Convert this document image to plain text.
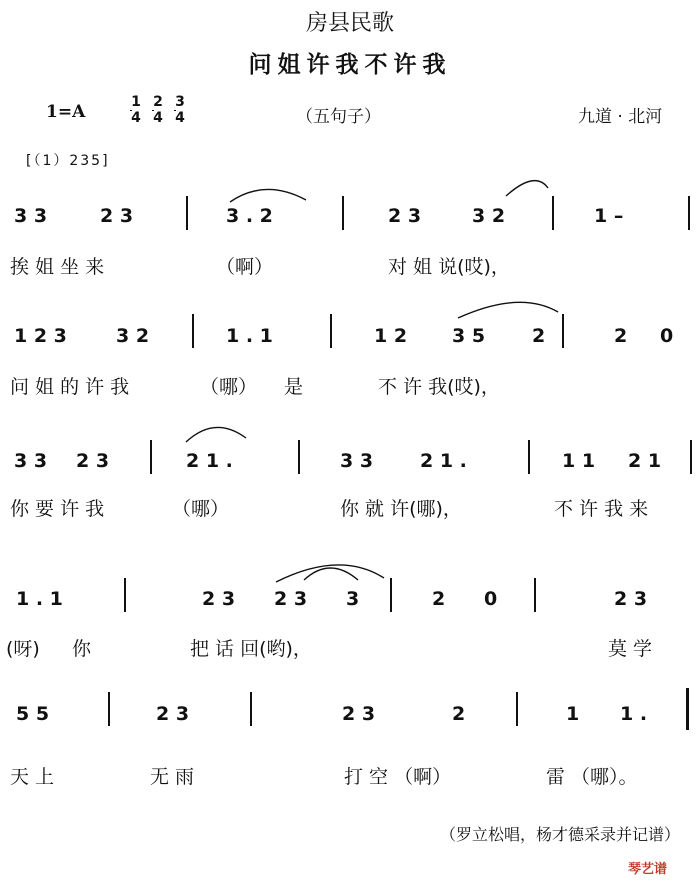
房县民歌
问姐许我不许我
1=A	1
4
2
4
3
4	（五句子）	九道 · 北河
[（1）235]
3 3	2 3	3 . 2	2 3	3 2	1 –
挨 姐 坐 来	（啊）	对 姐 说(哎)，
1 2 3	3 2	1 . 1	1 2 3 5 2	2 0
问 姐 的 许 我	（哪） 是	不 许 我(哎)，
3 3 2 3	2 1 .	3 3 2 1 .	1 1 2 1
你 要 许 我	（哪）	你 就 许(哪)，	不 许 我 来
1 . 1	2 3 2 3 3	2 0	2 3
(呀) 你	把 话 回(哟)，	莫 学
5 5	2 3	2 3	2	1 1 .
天 上	无 雨	打 空 （啊）	雷 （哪）。
（罗立松唱，杨才德采录并记谱）
琴艺谱
